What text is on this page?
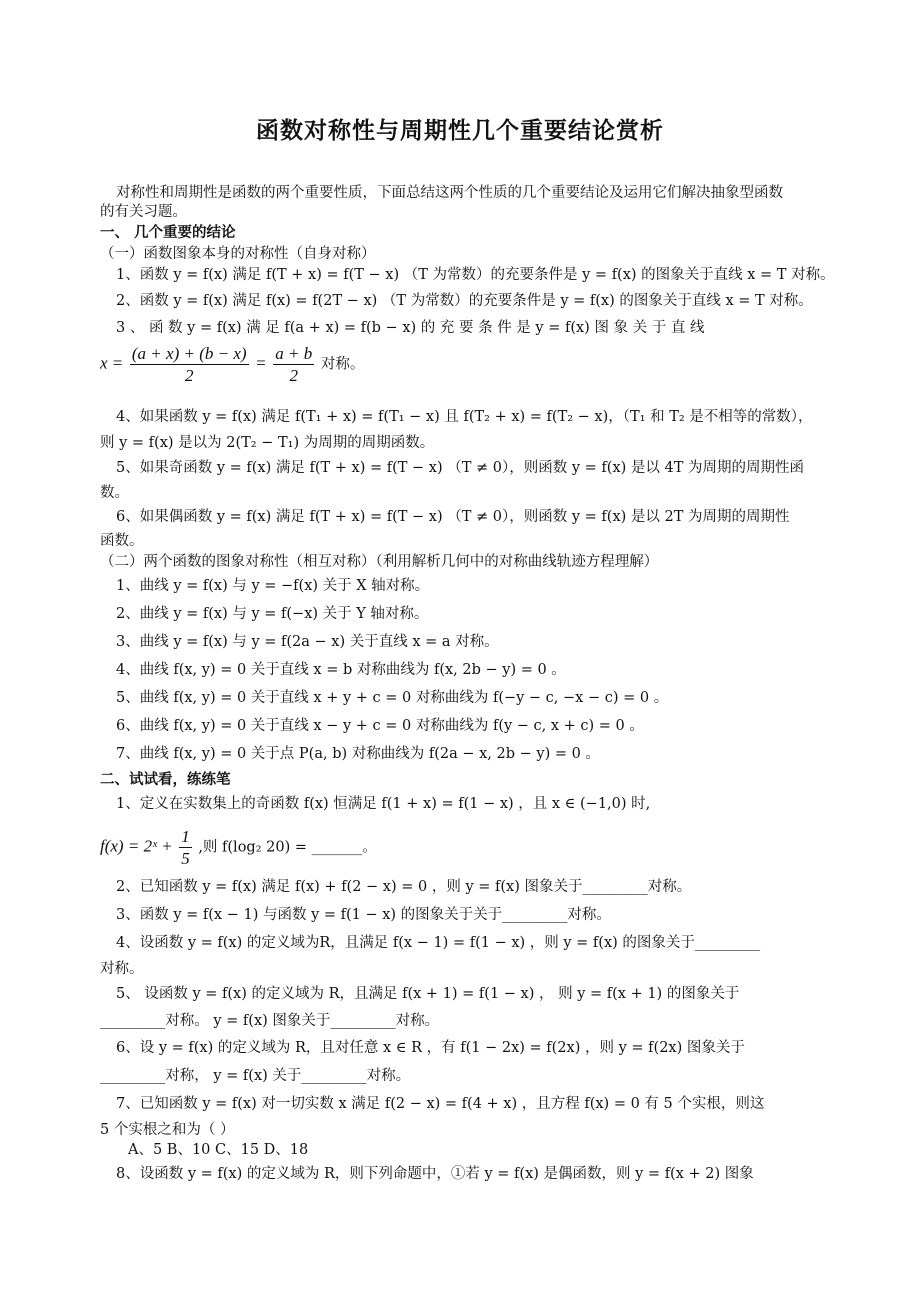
函数对称性与周期性几个重要结论赏析
对称性和周期性是函数的两个重要性质，下面总结这两个性质的几个重要结论及运用它们解决抽象型函数
的有关习题。
一、 几个重要的结论
（一）函数图象本身的对称性（自身对称）
1、函数 y = f(x) 满足 f(T + x) = f(T − x) （T 为常数）的充要条件是 y = f(x) 的图象关于直线 x = T 对称。
2、函数 y = f(x) 满足 f(x) = f(2T − x) （T 为常数）的充要条件是 y = f(x) 的图象关于直线 x = T 对称。
3 、 函 数 y = f(x) 满 足 f(a + x) = f(b − x) 的 充 要 条 件 是 y = f(x) 图 象 关 于 直 线
$x = \frac{(a + x) + (b - x)}{2} = \frac{a + b}{2}$ 对称。
4、如果函数 y = f(x) 满足 f(T₁ + x) = f(T₁ − x) 且 f(T₂ + x) = f(T₂ − x)，（T₁ 和 T₂ 是不相等的常数），
则 y = f(x) 是以为 2(T₂ − T₁) 为周期的周期函数。
5、如果奇函数 y = f(x) 满足 f(T + x) = f(T − x) （T ≠ 0），则函数 y = f(x) 是以 4T 为周期的周期性函
数。
6、如果偶函数 y = f(x) 满足 f(T + x) = f(T − x) （T ≠ 0），则函数 y = f(x) 是以 2T 为周期的周期性
函数。
（二）两个函数的图象对称性（相互对称）（利用解析几何中的对称曲线轨迹方程理解）
1、曲线 y = f(x) 与 y = −f(x) 关于 X 轴对称。
2、曲线 y = f(x) 与 y = f(−x) 关于 Y 轴对称。
3、曲线 y = f(x) 与 y = f(2a − x) 关于直线 x = a 对称。
4、曲线 f(x, y) = 0 关于直线 x = b 对称曲线为 f(x, 2b − y) = 0 。
5、曲线 f(x, y) = 0 关于直线 x + y + c = 0 对称曲线为 f(−y − c, −x − c) = 0 。
6、曲线 f(x, y) = 0 关于直线 x − y + c = 0 对称曲线为 f(y − c, x + c) = 0 。
7、曲线 f(x, y) = 0 关于点 P(a, b) 对称曲线为 f(2a − x, 2b − y) = 0 。
二、试试看，练练笔
1、定义在实数集上的奇函数 f(x) 恒满足 f(1 + x) = f(1 − x) ，且 x ∈ (−1,0) 时,
f(x) = 2ˣ + $\frac{1}{5}$ ,则 f(log₂ 20) = _______。
2、已知函数 y = f(x) 满足 f(x) + f(2 − x) = 0 ，则 y = f(x) 图象关于_________对称。
3、函数 y = f(x − 1) 与函数 y = f(1 − x) 的图象关于关于_________对称。
4、设函数 y = f(x) 的定义域为R，且满足 f(x − 1) = f(1 − x) ，则 y = f(x) 的图象关于_________
对称。
5、 设函数 y = f(x) 的定义域为 R，且满足 f(x + 1) = f(1 − x) ， 则 y = f(x + 1) 的图象关于
_________对称。 y = f(x) 图象关于_________对称。
6、设 y = f(x) 的定义域为 R，且对任意 x ∈ R ，有 f(1 − 2x) = f(2x) ，则 y = f(2x) 图象关于
_________对称， y = f(x) 关于_________对称。
7、已知函数 y = f(x) 对一切实数 x 满足 f(2 − x) = f(4 + x) ，且方程 f(x) = 0 有 5 个实根，则这
5 个实根之和为（ ）
A、5 B、10 C、15 D、18
8、设函数 y = f(x) 的定义域为 R，则下列命题中，①若 y = f(x) 是偶函数，则 y = f(x + 2) 图象
